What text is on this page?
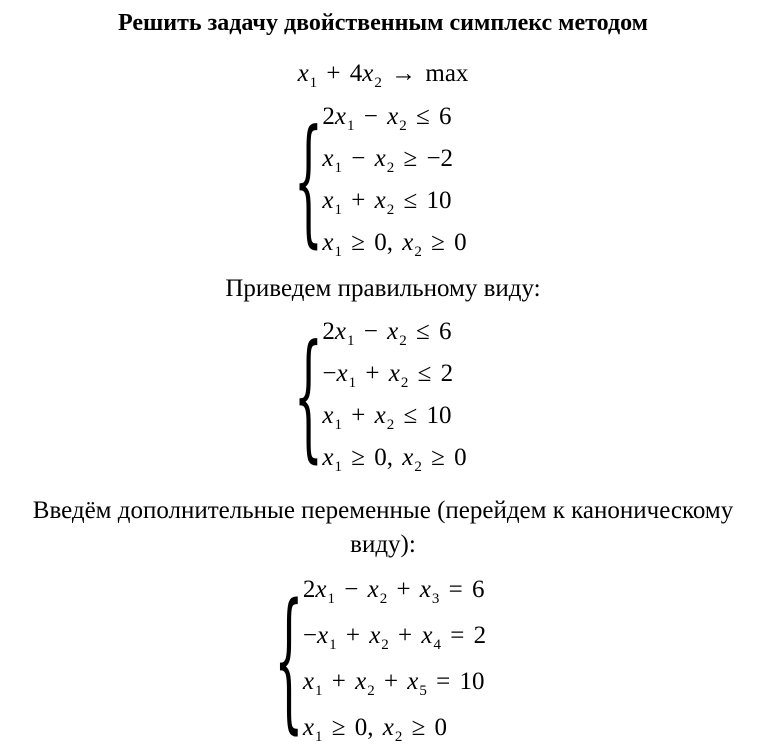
Решить задачу двойственным симплекс методом
$x_1 + 4x_2 \to \max$
{ $2x_1 - x_2 \le 6$
$x_1 - x_2 \ge -2$
$x_1 + x_2 \le 10$
$x_1 \ge 0$, $x_2 \ge 0$

Приведем правильному виду:

{ $2x_1 - x_2 \le 6$
$-x_1 + x_2 \le 2$
$x_1 + x_2 \le 10$
$x_1 \ge 0$, $x_2 \ge 0$

Введём дополнительные переменные (перейдем к каноническому виду):

{ $2x_1 - x_2 + x_3 = 6$
$-x_1 + x_2 + x_4 = 2$
$x_1 + x_2 + x_5 = 10$
$x_1 \ge 0$, $x_2 \ge 0$
